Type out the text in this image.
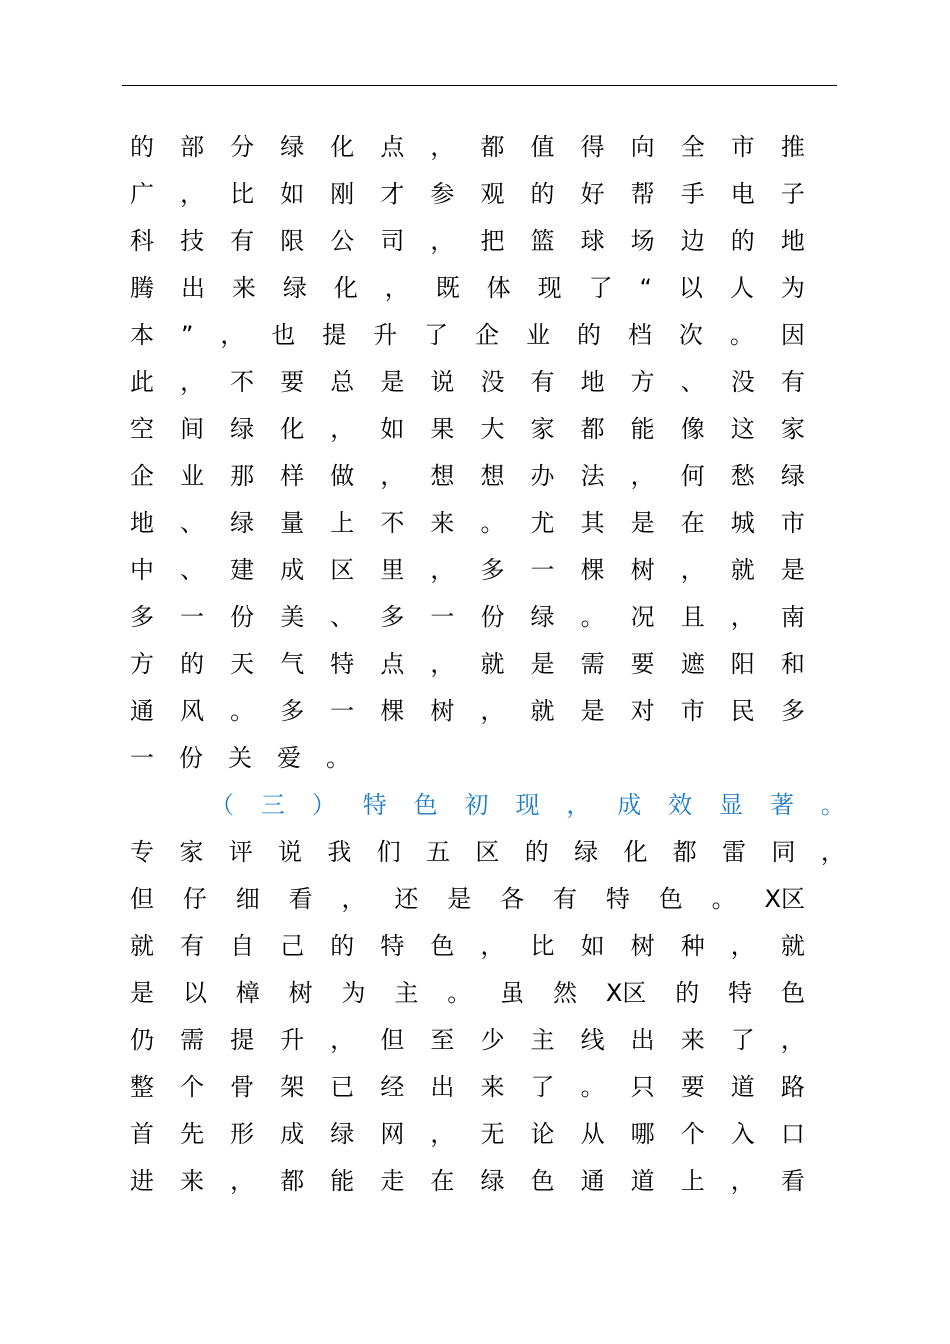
的 部 分 绿 化 点 ， 都 值 得 向 全 市 推
广 ， 比 如 刚 才 参 观 的 好 帮 手 电 子
科 技 有 限 公 司 ， 把 篮 球 场 边 的 地
腾 出 来 绿 化 ， 既 体 现 了 “ 以 人 为
本 ” ， 也 提 升 了 企 业 的 档 次 。 因
此 ， 不 要 总 是 说 没 有 地 方 、 没 有
空 间 绿 化 ， 如 果 大 家 都 能 像 这 家
企 业 那 样 做 ， 想 想 办 法 ， 何 愁 绿
地 、 绿 量 上 不 来 。 尤 其 是 在 城 市
中 、 建 成 区 里 ， 多 一 棵 树 ， 就 是
多 一 份 美 、 多 一 份 绿 。 况 且 ， 南
方 的 天 气 特 点 ， 就 是 需 要 遮 阳 和
通 风 。 多 一 棵 树 ， 就 是 对 市 民 多
一 份 关 爱 。
（ 三 ） 特 色 初 现 ， 成 效 显 著 。
专 家 评 说 我 们 五 区 的 绿 化 都 雷 同 ，
但 仔 细 看 ， 还 是 各 有 特 色 。 X区
就 有 自 己 的 特 色 ， 比 如 树 种 ， 就
是 以 樟 树 为 主 。 虽 然 X区 的 特 色
仍 需 提 升 ， 但 至 少 主 线 出 来 了 ，
整 个 骨 架 已 经 出 来 了 。 只 要 道 路
首 先 形 成 绿 网 ， 无 论 从 哪 个 入 口
进 来 ， 都 能 走 在 绿 色 通 道 上 ， 看
